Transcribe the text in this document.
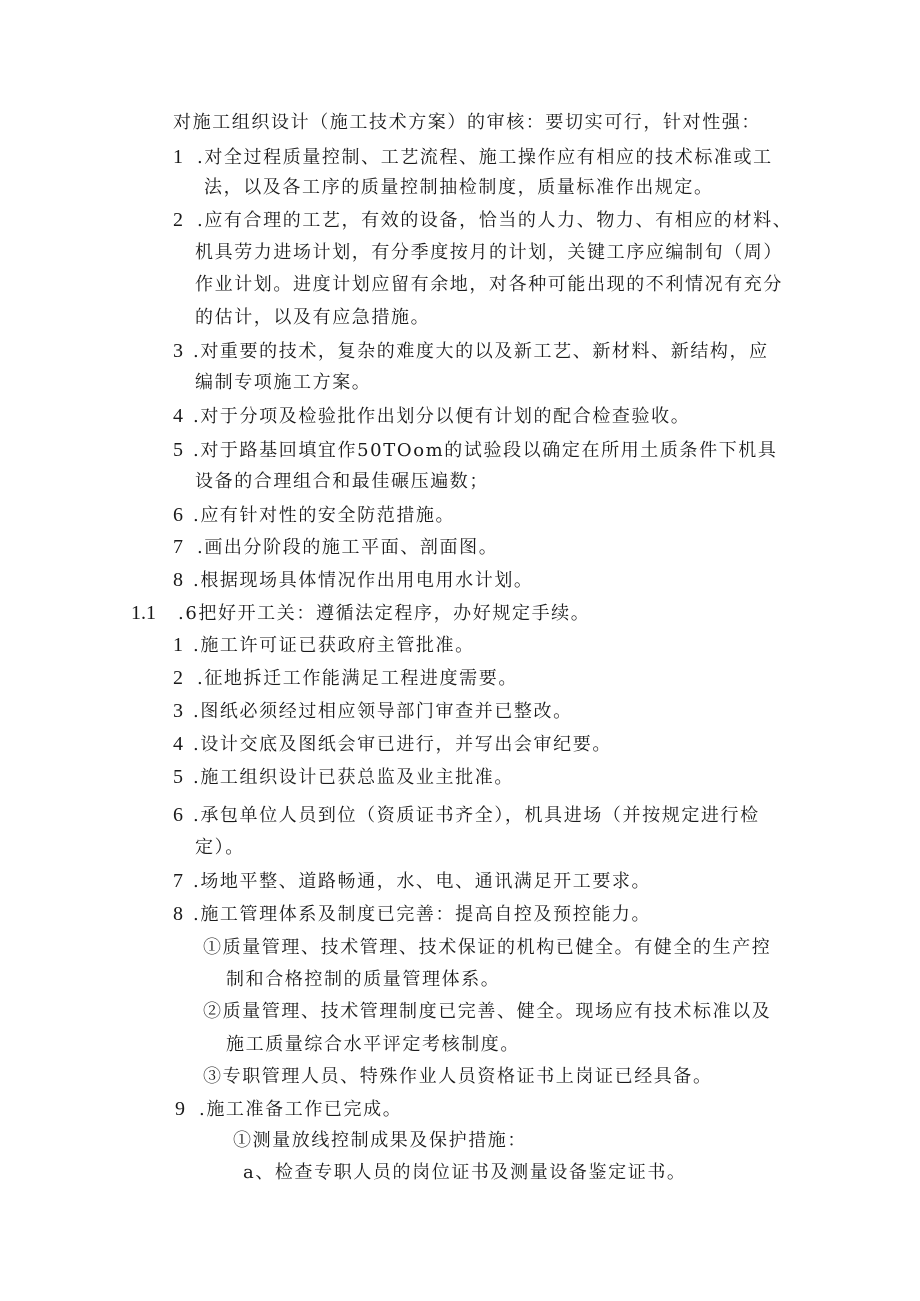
对施工组织设计（施工技术方案）的审核：要切实可行，针对性强：
1 .对全过程质量控制、工艺流程、施工操作应有相应的技术标准或工
法，以及各工序的质量控制抽检制度，质量标准作出规定。
2 .应有合理的工艺，有效的设备，恰当的人力、物力、有相应的材料、
机具劳力进场计划，有分季度按月的计划，关键工序应编制旬（周）
作业计划。进度计划应留有余地，对各种可能出现的不利情况有充分
的估计，以及有应急措施。
3 .对重要的技术，复杂的难度大的以及新工艺、新材料、新结构，应
编制专项施工方案。
4 .对于分项及检验批作出划分以便有计划的配合检查验收。
5 .对于路基回填宜作50TOom的试验段以确定在所用土质条件下机具
设备的合理组合和最佳碾压遍数；
6 .应有针对性的安全防范措施。
7 .画出分阶段的施工平面、剖面图。
8 .根据现场具体情况作出用电用水计划。
1.1 .6把好开工关：遵循法定程序，办好规定手续。
1 .施工许可证已获政府主管批准。
2 .征地拆迁工作能满足工程进度需要。
3 .图纸必须经过相应领导部门审查并已整改。
4 .设计交底及图纸会审已进行，并写出会审纪要。
5 .施工组织设计已获总监及业主批准。
6 .承包单位人员到位（资质证书齐全），机具进场（并按规定进行检
定）。
7 .场地平整、道路畅通，水、电、通讯满足开工要求。
8 .施工管理体系及制度已完善：提高自控及预控能力。
①质量管理、技术管理、技术保证的机构已健全。有健全的生产控
制和合格控制的质量管理体系。
②质量管理、技术管理制度已完善、健全。现场应有技术标准以及
施工质量综合水平评定考核制度。
③专职管理人员、特殊作业人员资格证书上岗证已经具备。
9 .施工准备工作已完成。
①测量放线控制成果及保护措施：
a、检查专职人员的岗位证书及测量设备鉴定证书。
